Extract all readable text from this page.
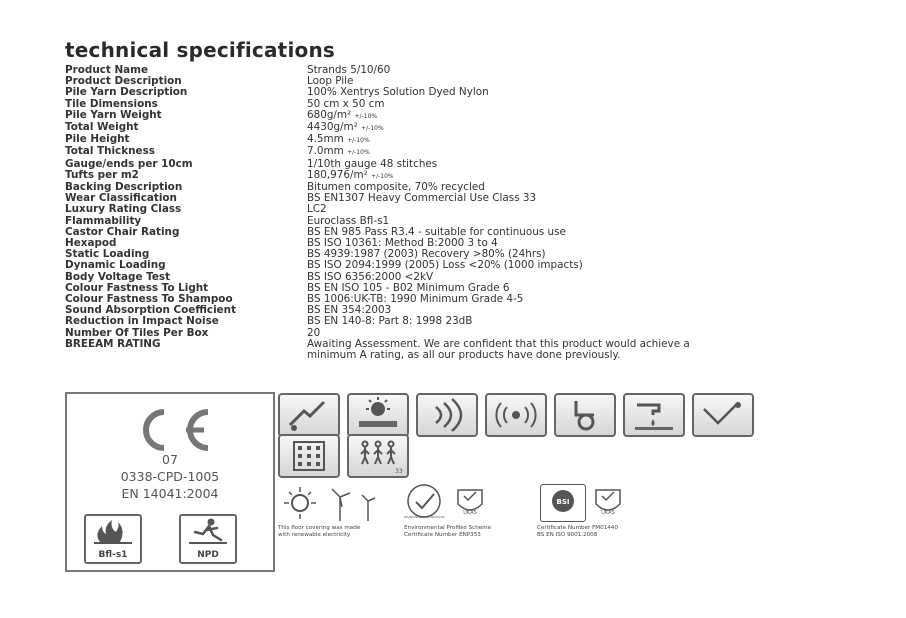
technical specifications
Product Name	Strands 5/10/60
Product Description	Loop Pile
Pile Yarn Description	100% Xentrys Solution Dyed Nylon
Tile Dimensions	50 cm x 50 cm
Pile Yarn Weight	680g/m² +/-10%
Total Weight	4430g/m² +/-10%
Pile Height	4.5mm +/-10%
Total Thickness	7.0mm +/-10%
Gauge/ends per 10cm	1/10th gauge 48 stitches
Tufts per m2	180,976/m² +/-10%
Backing Description	Bitumen composite, 70% recycled
Wear Classification	BS EN1307 Heavy Commercial Use Class 33
Luxury Rating Class	LC2
Flammability	Euroclass Bfl-s1
Castor Chair Rating	BS EN 985 Pass R3.4 - suitable for continuous use
Hexapod	BS ISO 10361: Method B:2000 3 to 4
Static Loading	BS 4939:1987 (2003) Recovery >80% (24hrs)
Dynamic Loading	BS ISO 2094:1999 (2005) Loss <20% (1000 impacts)
Body Voltage Test	BS ISO 6356:2000 <2kV
Colour Fastness To Light	BS EN ISO 105 - B02 Minimum Grade 6
Colour Fastness To Shampoo	BS 1006:UK-TB: 1990 Minimum Grade 4-5
Sound Absorption Coefficient	BS EN 354:2003
Reduction in Impact Noise	BS EN 140-8: Part 8: 1998 23dB
Number Of Tiles Per Box	20
BREEAM RATING	Awaiting Assessment. We are confident that this product would achieve a minimum A rating, as all our products have done previously.
07
0338-CPD-1005
EN 14041:2004
Bfl-s1	NPD
33
This floor covering was made
with renewable electricity
ENVIRONMENTAL PROFILES
UKAS
Environmental Profiles Scheme
Certificate Number ENP353
BSI
UKAS
Certificate Number FM01440
BS EN ISO 9001:2008
